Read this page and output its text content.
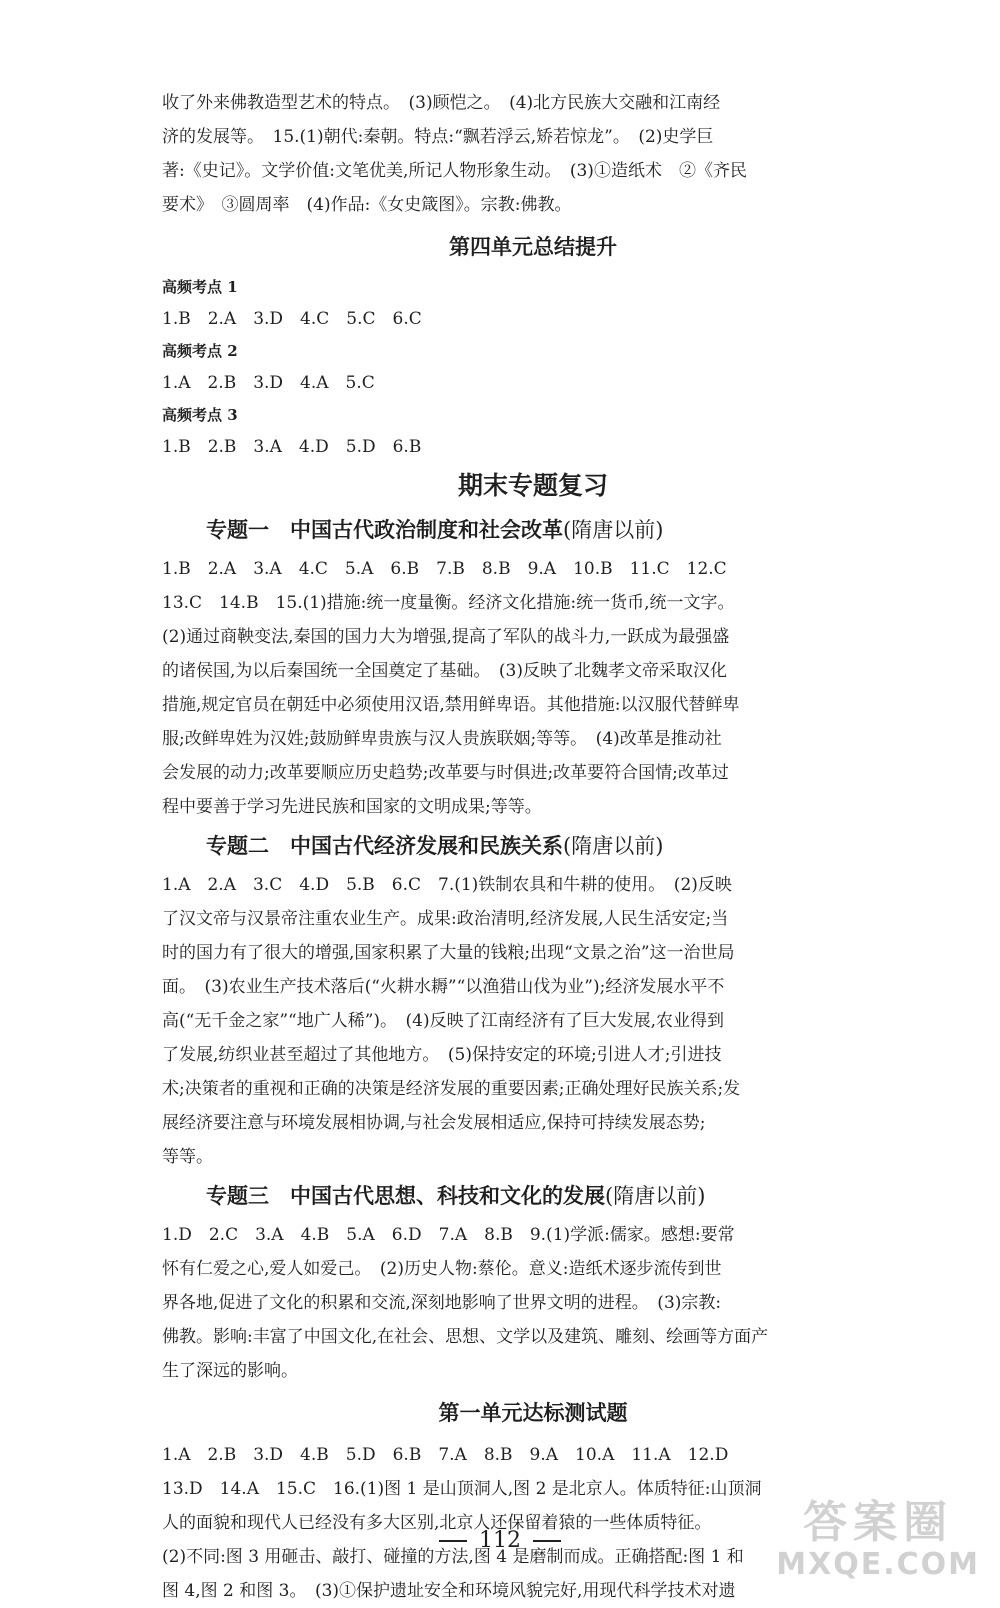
收了外来佛教造型艺术的特点。　(3)顾恺之。　(4)北方民族大交融和江南经

济的发展等。　15.(1)朝代:秦朝。特点:“飘若浮云,矫若惊龙”。　(2)史学巨

著:《史记》。文学价值:文笔优美,所记人物形象生动。　(3)①造纸术　②《齐民

要术》　③圆周率　(4)作品:《女史箴图》。宗教:佛教。

第四单元总结提升

高频考点 1

1.B　2.A　3.D　4.C　5.C　6.C

高频考点 2

1.A　2.B　3.D　4.A　5.C

高频考点 3

1.B　2.B　3.A　4.D　5.D　6.B

期末专题复习
专题一　中国古代政治制度和社会改革(隋唐以前)

1.B　2.A　3.A　4.C　5.A　6.B　7.B　8.B　9.A　10.B　11.C　12.C

13.C　14.B　15.(1)措施:统一度量衡。经济文化措施:统一货币,统一文字。

(2)通过商鞅变法,秦国的国力大为增强,提高了军队的战斗力,一跃成为最强盛

的诸侯国,为以后秦国统一全国奠定了基础。　(3)反映了北魏孝文帝采取汉化

措施,规定官员在朝廷中必须使用汉语,禁用鲜卑语。其他措施:以汉服代替鲜卑

服;改鲜卑姓为汉姓;鼓励鲜卑贵族与汉人贵族联姻;等等。　(4)改革是推动社

会发展的动力;改革要顺应历史趋势;改革要与时俱进;改革要符合国情;改革过

程中要善于学习先进民族和国家的文明成果;等等。

专题二　中国古代经济发展和民族关系(隋唐以前)

1.A　2.A　3.C　4.D　5.B　6.C　7.(1)铁制农具和牛耕的使用。　(2)反映

了汉文帝与汉景帝注重农业生产。成果:政治清明,经济发展,人民生活安定;当

时的国力有了很大的增强,国家积累了大量的钱粮;出现“文景之治”这一治世局

面。　(3)农业生产技术落后(“火耕水耨”“以渔猎山伐为业”);经济发展水平不

高(“无千金之家”“地广人稀”)。　(4)反映了江南经济有了巨大发展,农业得到

了发展,纺织业甚至超过了其他地方。　(5)保持安定的环境;引进人才;引进技

术;决策者的重视和正确的决策是经济发展的重要因素;正确处理好民族关系;发

展经济要注意与环境发展相协调,与社会发展相适应,保持可持续发展态势;

等等。

专题三　中国古代思想、科技和文化的发展(隋唐以前)

1.D　2.C　3.A　4.B　5.A　6.D　7.A　8.B　9.(1)学派:儒家。感想:要常

怀有仁爱之心,爱人如爱己。　(2)历史人物:蔡伦。意义:造纸术逐步流传到世

界各地,促进了文化的积累和交流,深刻地影响了世界文明的进程。　(3)宗教:

佛教。影响:丰富了中国文化,在社会、思想、文学以及建筑、雕刻、绘画等方面产

生了深远的影响。

第一单元达标测试题

1.A　2.B　3.D　4.B　5.D　6.B　7.A　8.B　9.A　10.A　11.A　12.D

13.D　14.A　15.C　16.(1)图 1 是山顶洞人,图 2 是北京人。体质特征:山顶洞

人的面貌和现代人已经没有多大区别,北京人还保留着猿的一些体质特征。

(2)不同:图 3 用砸击、敲打、碰撞的方法,图 4 是磨制而成。正确搭配:图 1 和

图 4,图 2 和图 3。　(3)①保护遗址安全和环境风貌完好,用现代科学技术对遗

112	答案圈
MXQE.COM
